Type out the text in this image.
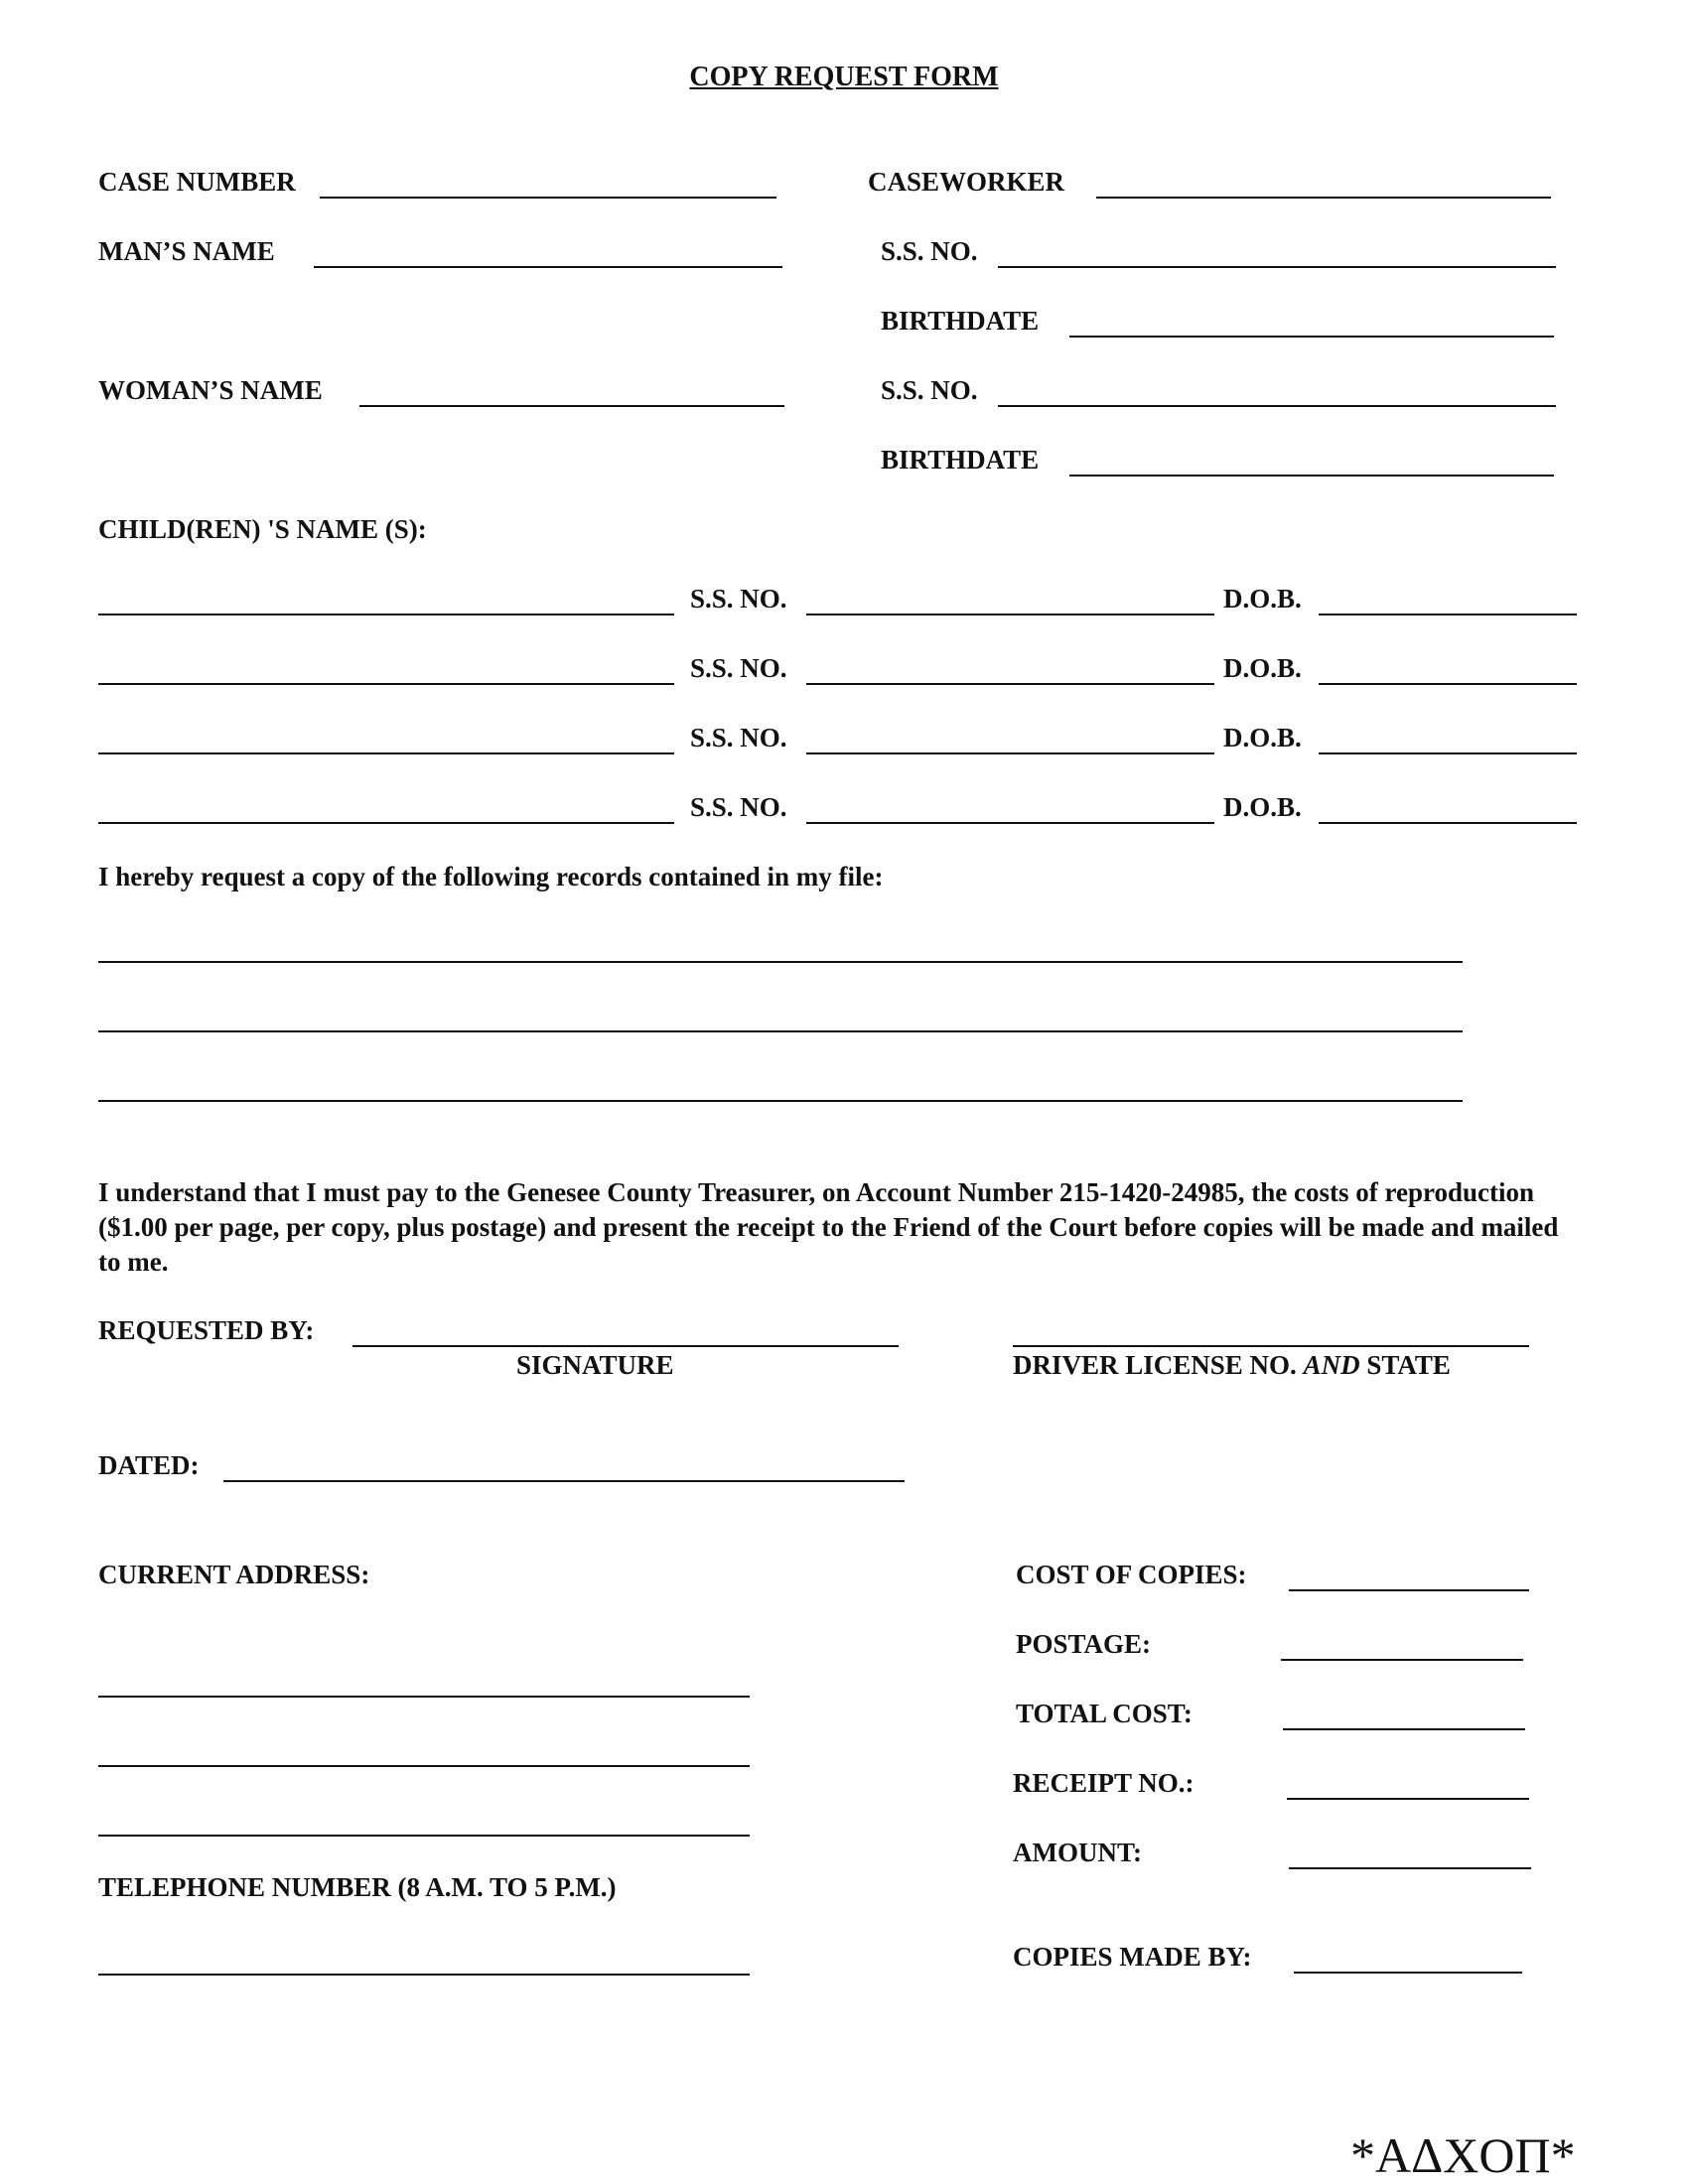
COPY REQUEST FORM
CASE NUMBER	CASEWORKER
MAN’S NAME	S.S. NO.
BIRTHDATE
WOMAN’S NAME	S.S. NO.
BIRTHDATE
CHILD(REN) 'S NAME (S):
S.S. NO.	D.O.B.
S.S. NO.	D.O.B.
S.S. NO.	D.O.B.
S.S. NO.	D.O.B.
I hereby request a copy of the following records contained in my file:
I understand that I must pay to the Genesee County Treasurer, on Account Number 215-1420-24985, the costs of reproduction ($1.00 per page, per copy, plus postage) and present the receipt to the Friend of the Court before copies will be made and mailed to me.
REQUESTED BY:
SIGNATURE	DRIVER LICENSE NO. AND STATE
DATED:
CURRENT ADDRESS:
TELEPHONE NUMBER (8 A.M. TO 5 P.M.)
COST OF COPIES:
POSTAGE:
TOTAL COST:
RECEIPT NO.:
AMOUNT:
COPIES MADE BY:
*ΑΔΧΟΠ*
